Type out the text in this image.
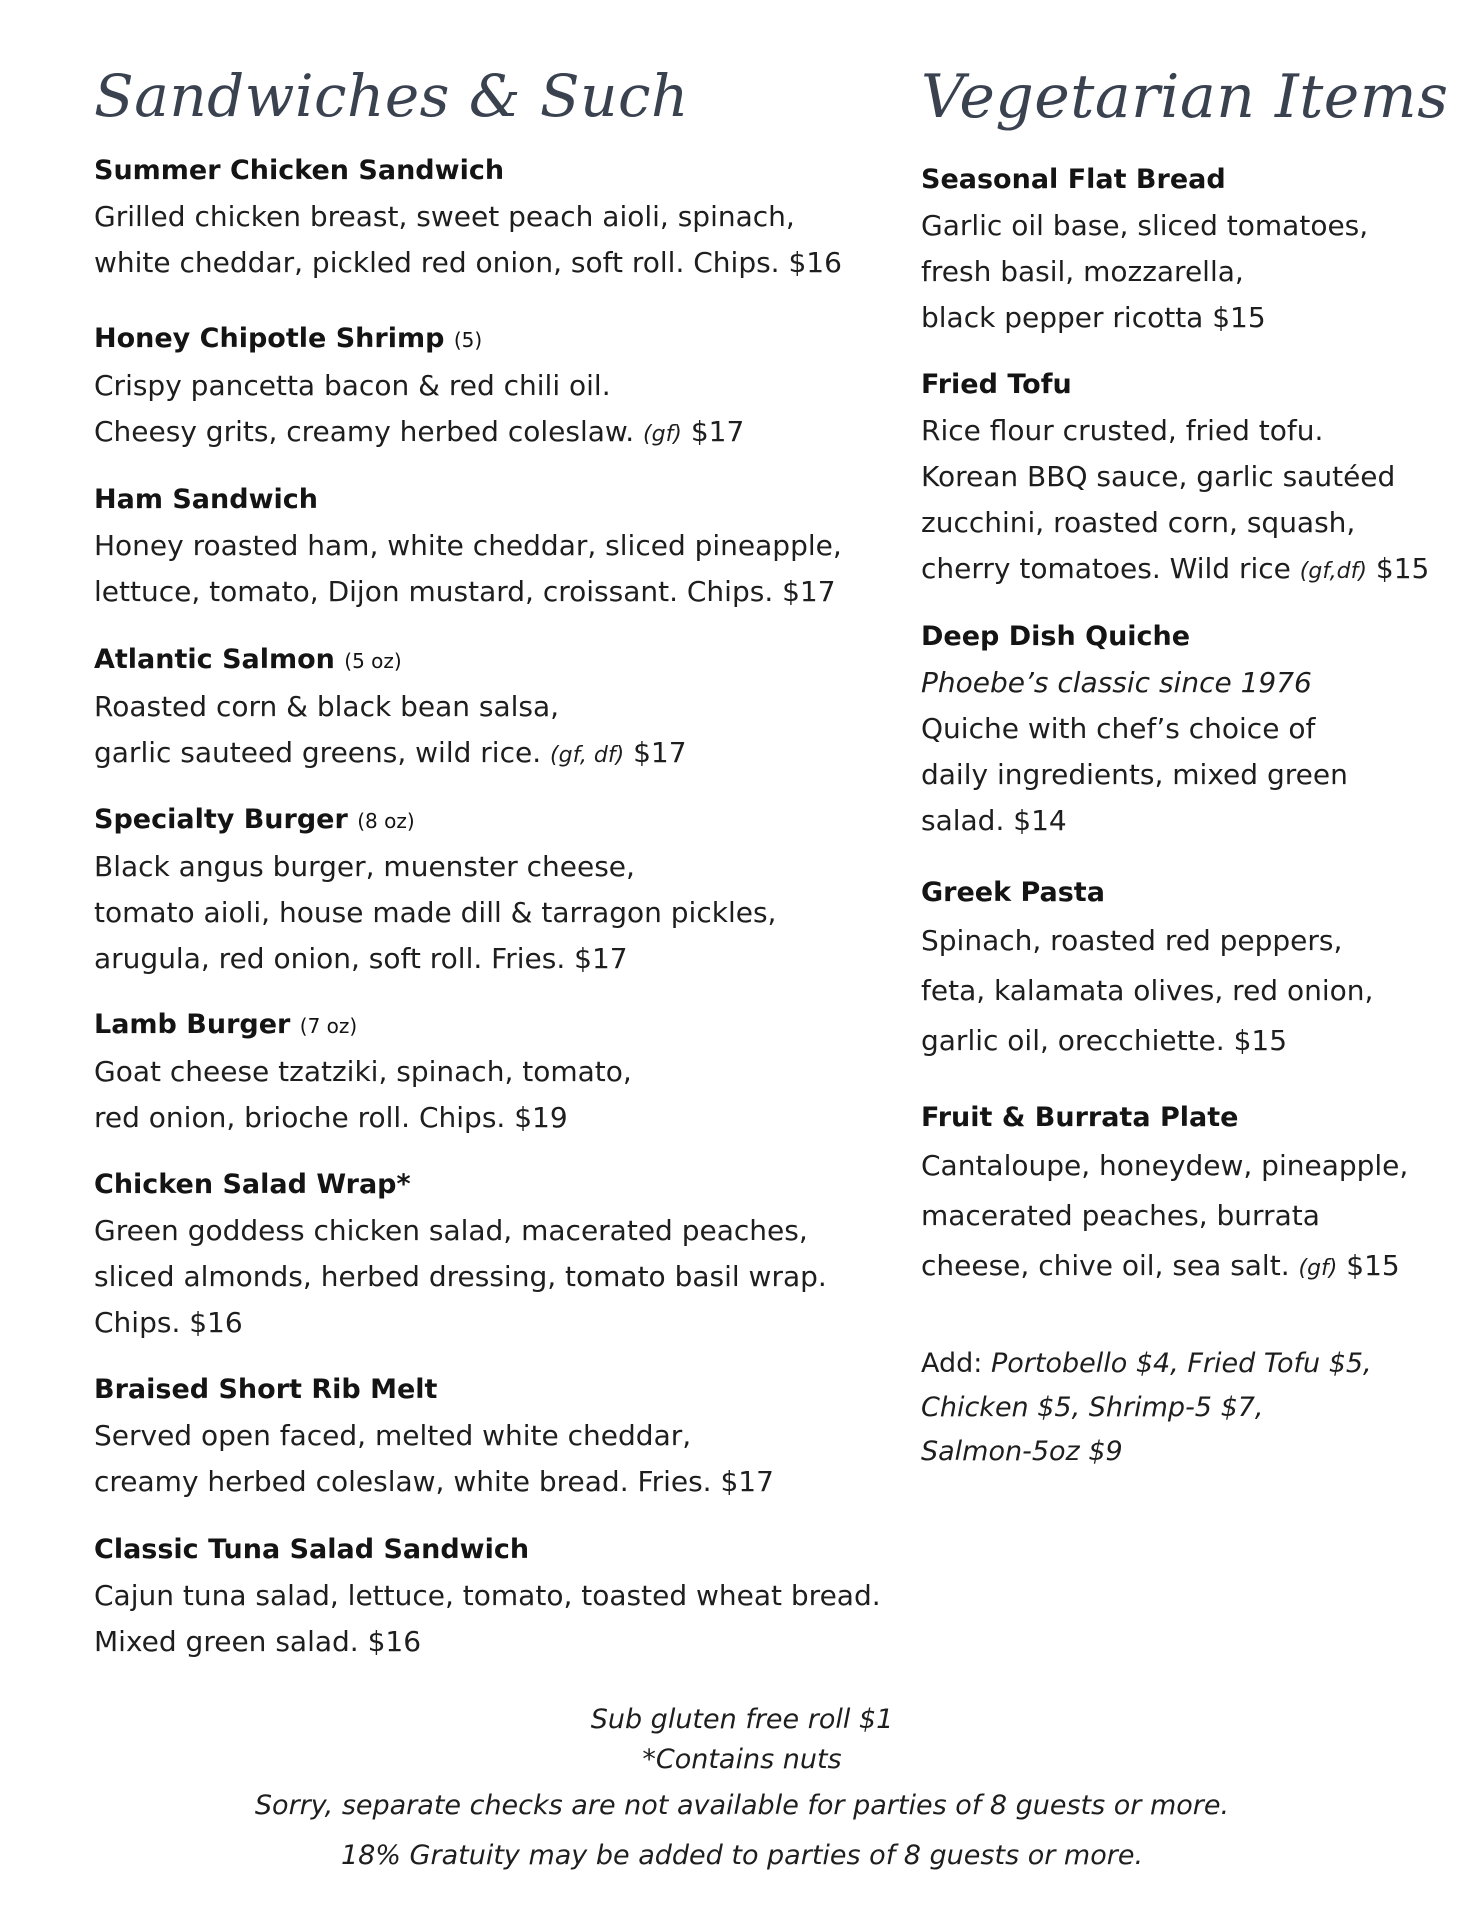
Sandwiches & Such
Summer Chicken Sandwich
Grilled chicken breast, sweet peach aioli, spinach,
white cheddar, pickled red onion, soft roll. Chips. $16
Honey Chipotle Shrimp (5)
Crispy pancetta bacon & red chili oil.
Cheesy grits, creamy herbed coleslaw. (gf) $17
Ham Sandwich
Honey roasted ham, white cheddar, sliced pineapple,
lettuce, tomato, Dijon mustard, croissant. Chips. $17
Atlantic Salmon (5 oz)
Roasted corn & black bean salsa,
garlic sauteed greens, wild rice. (gf, df) $17
Specialty Burger (8 oz)
Black angus burger, muenster cheese,
tomato aioli, house made dill & tarragon pickles,
arugula, red onion, soft roll. Fries. $17
Lamb Burger (7 oz)
Goat cheese tzatziki, spinach, tomato,
red onion, brioche roll. Chips. $19
Chicken Salad Wrap*
Green goddess chicken salad, macerated peaches,
sliced almonds, herbed dressing, tomato basil wrap.
Chips. $16
Braised Short Rib Melt
Served open faced, melted white cheddar,
creamy herbed coleslaw, white bread. Fries. $17
Classic Tuna Salad Sandwich
Cajun tuna salad, lettuce, tomato, toasted wheat bread.
Mixed green salad. $16
Vegetarian Items
Seasonal Flat Bread
Garlic oil base, sliced tomatoes,
fresh basil, mozzarella,
black pepper ricotta $15
Fried Tofu
Rice flour crusted, fried tofu.
Korean BBQ sauce, garlic sautéed
zucchini, roasted corn, squash,
cherry tomatoes. Wild rice (gf,df) $15
Deep Dish Quiche
Phoebe’s classic since 1976
Quiche with chef’s choice of
daily ingredients, mixed green
salad. $14
Greek Pasta
Spinach, roasted red peppers,
feta, kalamata olives, red onion,
garlic oil, orecchiette. $15
Fruit & Burrata Plate
Cantaloupe, honeydew, pineapple,
macerated peaches, burrata
cheese, chive oil, sea salt. (gf) $15
Add: Portobello $4, Fried Tofu $5,
Chicken $5, Shrimp-5 $7,
Salmon-5oz $9
Sub gluten free roll $1
*Contains nuts
Sorry, separate checks are not available for parties of 8 guests or more.
18% Gratuity may be added to parties of 8 guests or more.
